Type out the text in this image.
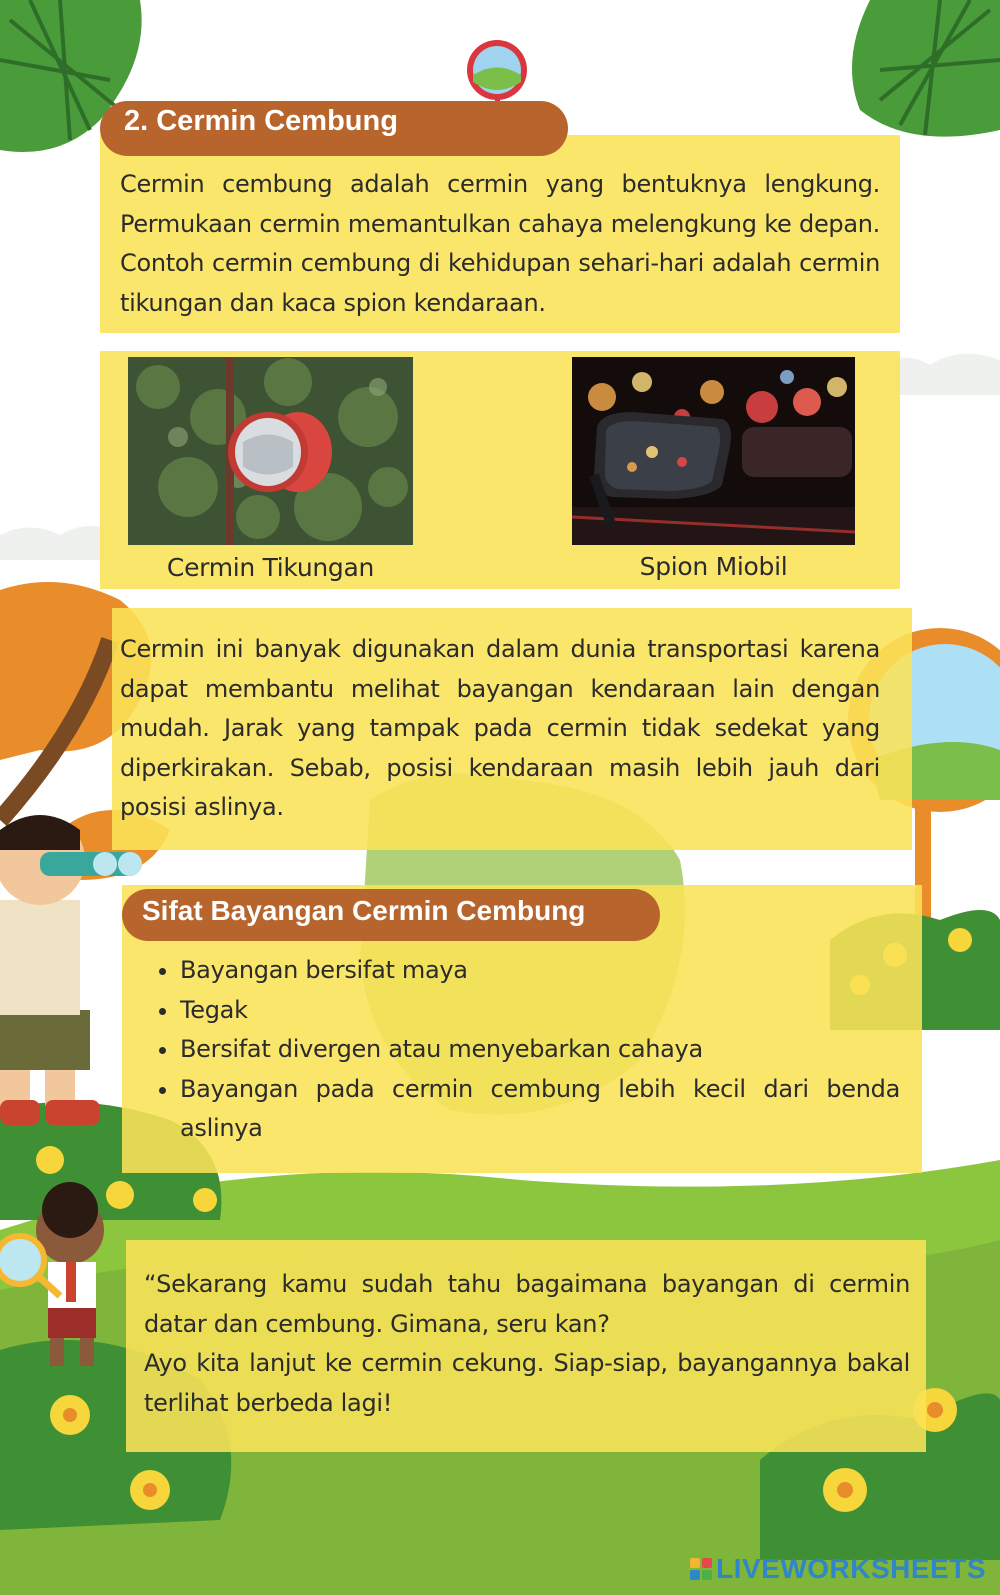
2. Cermin Cembung

Cermin cembung adalah cermin yang bentuknya lengkung. Permukaan cermin memantulkan cahaya melengkung ke depan. Contoh cermin cembung di kehidupan sehari-hari adalah cermin tikungan dan kaca spion kendaraan.

Cermin Tikungan	Spion Miobil

Cermin ini banyak digunakan dalam dunia transportasi karena dapat membantu melihat bayangan kendaraan lain dengan mudah. Jarak yang tampak pada cermin tidak sedekat yang diperkirakan. Sebab, posisi kendaraan masih lebih jauh dari posisi aslinya.

• Bayangan bersifat maya
• Tegak
• Bersifat divergen atau menyebarkan cahaya
• Bayangan pada cermin cembung lebih kecil dari benda aslinya
Sifat Bayangan Cermin Cembung

“Sekarang kamu sudah tahu bagaimana bayangan di cermin datar dan cembung. Gimana, seru kan?

Ayo kita lanjut ke cermin cekung. Siap-siap, bayangannya bakal terlihat berbeda lagi!

LIVEWORKSHEETS
